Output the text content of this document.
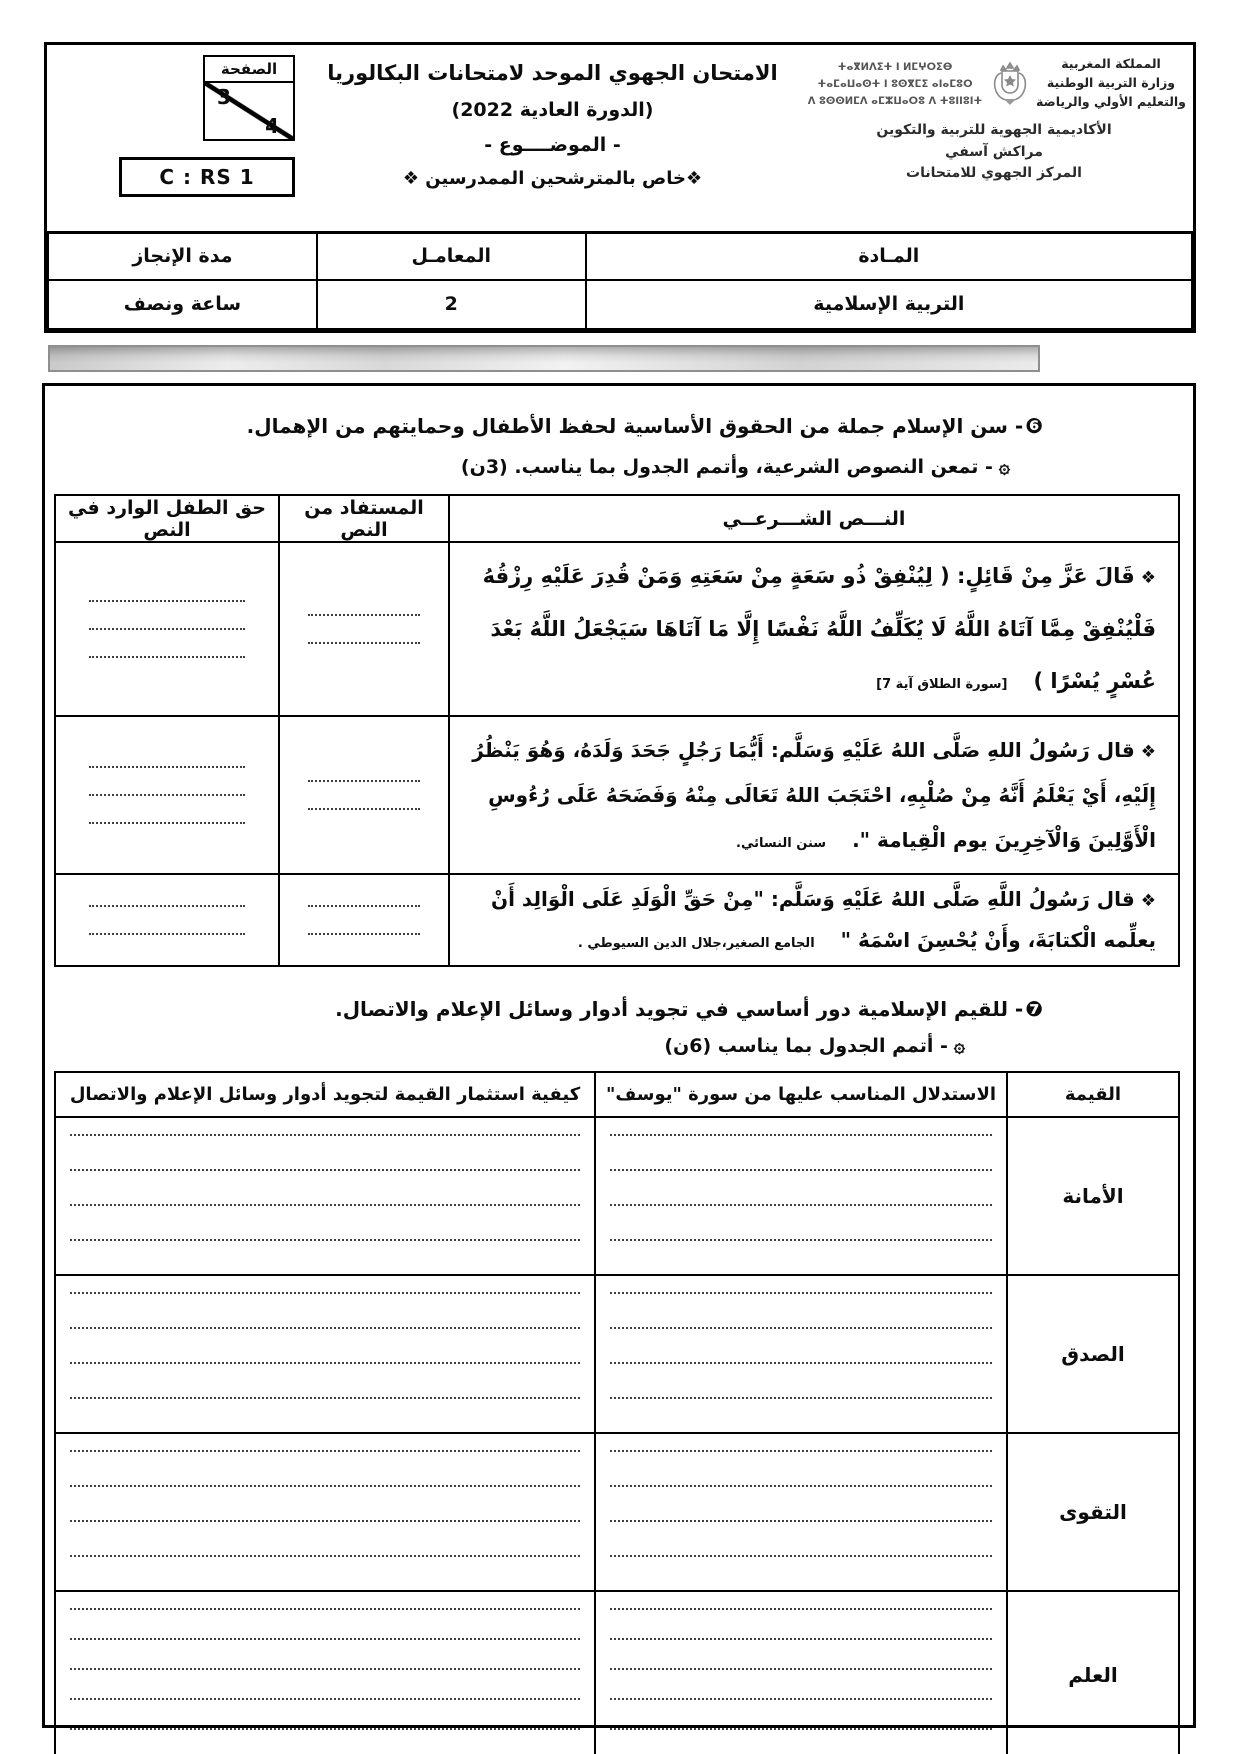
المملكة المغربية
وزارة التربية الوطنية
والتعليم الأولي والرياضة
ⵜⴰⴳⵍⴷⵉⵜ ⵏ ⵍⵎⵖⵔⵉⴱ
ⵜⴰⵎⴰⵡⴰⵙⵜ ⵏ ⵓⵙⴳⵎⵉ ⴰⵏⴰⵎⵓⵔ
ⴷ ⵓⵙⵙⵍⵎⴷ ⴰⵎⵣⵡⴰⵔⵓ ⴷ ⵜⵓⵏⵏⵓⵏⵜ
الأكاديمية الجهوية للتربية والتكوين
مراكش آسفي
المركز الجهوي للامتحانات
الامتحان الجهوي الموحد لامتحانات البكالوريا
(الدورة العادية 2022)
- الموضــــوع -
❖خاص بالمترشحين الممدرسين ❖
الصفحة
3
4
C : RS 1
المـادة	المعامـل	مدة الإنجاز
التربية الإسلامية	2	ساعة ونصف
❻- سن الإسلام جملة من الحقوق الأساسية لحفظ الأطفال وحمايتهم من الإهمال.
۞- تمعن النصوص الشرعية، وأتمم الجدول بما يناسب. (3ن)
النـــص الشـــرعــي	المستفاد من النص	حق الطفل الوارد في النص
❖قَالَ عَزَّ مِنْ قَائِلٍ: ( لِيُنْفِقْ ذُو سَعَةٍ مِنْ سَعَتِهِ وَمَنْ قُدِرَ عَلَيْهِ رِزْقُهُ فَلْيُنْفِقْ مِمَّا آتَاهُ اللَّهُ لَا يُكَلِّفُ اللَّهُ نَفْسًا إِلَّا مَا آتَاهَا سَيَجْعَلُ اللَّهُ بَعْدَ عُسْرٍ يُسْرًا )[سورة الطلاق آية 7]	

❖قال رَسُولُ اللهِ صَلَّى اللهُ عَلَيْهِ وَسَلَّم: أَيُّمَا رَجُلٍ جَحَدَ وَلَدَهُ، وَهُوَ يَنْظُرُ إِلَيْهِ، أَيْ يَعْلَمُ أَنَّهُ مِنْ صُلْبِهِ، احْتَجَبَ اللهُ تَعَالَى مِنْهُ وَفَضَحَهُ عَلَى رُءُوسِ الْأَوَّلِينَ وَالْآخِرِينَ يوم الْقِيامة ".سنن النسائي.	

❖قال رَسُولُ اللَّهِ صَلَّى اللهُ عَلَيْهِ وَسَلَّم: "مِنْ حَقِّ الْوَلَدِ عَلَى الْوَالِد أَنْ يعلِّمه الْكتابَةَ، وأَنْ يُحْسِنَ اسْمَهُ "الجامع الصغير،جلال الدين السيوطي .	

❼- للقيم الإسلامية دور أساسي في تجويد أدوار وسائل الإعلام والاتصال.
۞- أتمم الجدول بما يناسب (6ن)
القيمة	الاستدلال المناسب عليها من سورة "يوسف"	كيفية استثمار القيمة لتجويد أدوار وسائل الإعلام والاتصال
الأمانة	

الصدق	

التقوى	

العلم	
